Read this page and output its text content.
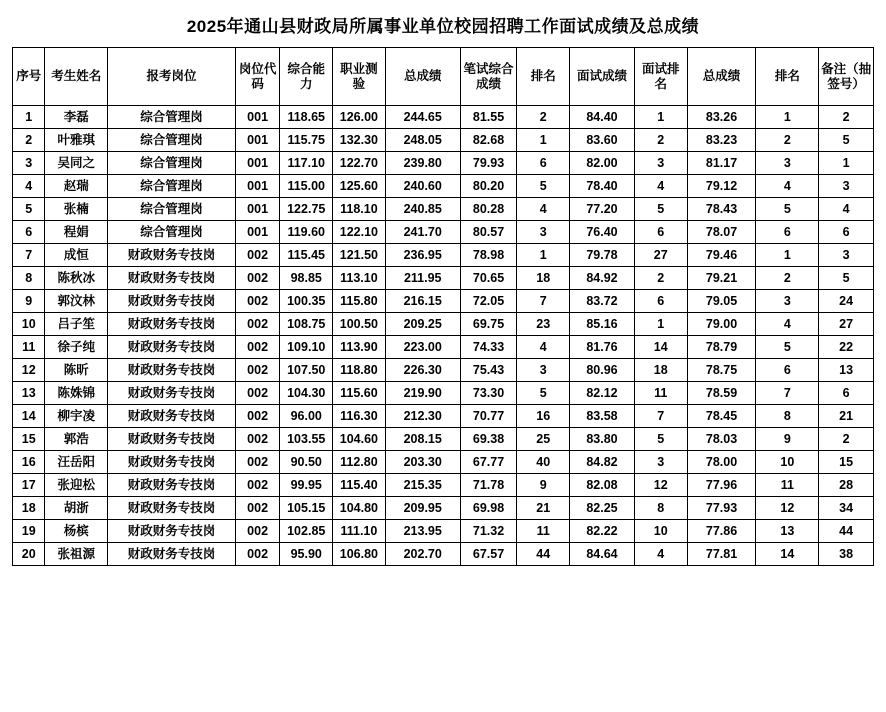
2025年通山县财政局所属事业单位校园招聘工作面试成绩及总成绩
序号	考生姓名	报考岗位	岗位代码	综合能力	职业测验	总成绩	笔试综合成绩	排名	面试成绩	面试排名	总成绩	排名	备注（抽签号）
1	李磊	综合管理岗	001	118.65	126.00	244.65	81.55	2	84.40	1	83.26	1	2
2	叶雅琪	综合管理岗	001	115.75	132.30	248.05	82.68	1	83.60	2	83.23	2	5
3	吴同之	综合管理岗	001	117.10	122.70	239.80	79.93	6	82.00	3	81.17	3	1
4	赵瑞	综合管理岗	001	115.00	125.60	240.60	80.20	5	78.40	4	79.12	4	3
5	张楠	综合管理岗	001	122.75	118.10	240.85	80.28	4	77.20	5	78.43	5	4
6	程娟	综合管理岗	001	119.60	122.10	241.70	80.57	3	76.40	6	78.07	6	6
7	成恒	财政财务专技岗	002	115.45	121.50	236.95	78.98	1	79.78	27	79.46	1	3
8	陈秋冰	财政财务专技岗	002	98.85	113.10	211.95	70.65	18	84.92	2	79.21	2	5
9	郭汶林	财政财务专技岗	002	100.35	115.80	216.15	72.05	7	83.72	6	79.05	3	24
10	吕子笙	财政财务专技岗	002	108.75	100.50	209.25	69.75	23	85.16	1	79.00	4	27
11	徐子纯	财政财务专技岗	002	109.10	113.90	223.00	74.33	4	81.76	14	78.79	5	22
12	陈昕	财政财务专技岗	002	107.50	118.80	226.30	75.43	3	80.96	18	78.75	6	13
13	陈姝锦	财政财务专技岗	002	104.30	115.60	219.90	73.30	5	82.12	11	78.59	7	6
14	柳宇凌	财政财务专技岗	002	96.00	116.30	212.30	70.77	16	83.58	7	78.45	8	21
15	郭浩	财政财务专技岗	002	103.55	104.60	208.15	69.38	25	83.80	5	78.03	9	2
16	汪岳阳	财政财务专技岗	002	90.50	112.80	203.30	67.77	40	84.82	3	78.00	10	15
17	张迎松	财政财务专技岗	002	99.95	115.40	215.35	71.78	9	82.08	12	77.96	11	28
18	胡浙	财政财务专技岗	002	105.15	104.80	209.95	69.98	21	82.25	8	77.93	12	34
19	杨槟	财政财务专技岗	002	102.85	111.10	213.95	71.32	11	82.22	10	77.86	13	44
20	张祖源	财政财务专技岗	002	95.90	106.80	202.70	67.57	44	84.64	4	77.81	14	38
